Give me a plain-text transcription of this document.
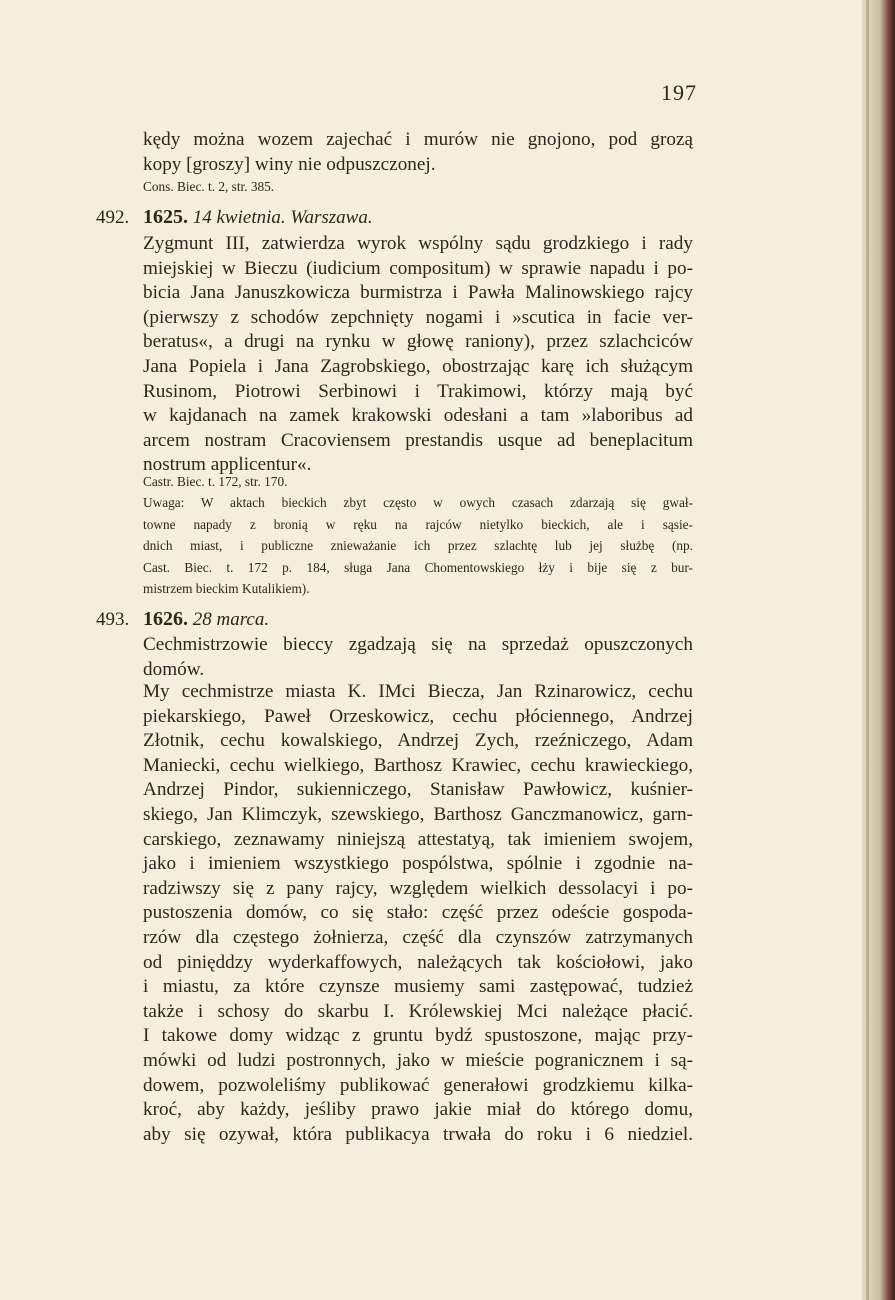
197
kędy można wozem zajechać i murów nie gnojono, pod grozą
kopy [groszy] winy nie odpuszczonej.
Cons. Biec. t. 2, str. 385.
492. 1625. 14 kwietnia. Warszawa.
Zygmunt III, zatwierdza wyrok wspólny sądu grodzkiego i rady
miejskiej w Bieczu (iudicium compositum) w sprawie napadu i po-
bicia Jana Januszkowicza burmistrza i Pawła Malinowskiego rajcy
(pierwszy z schodów zepchnięty nogami i »scutica in facie ver-
beratus«, a drugi na rynku w głowę raniony), przez szlachciców
Jana Popiela i Jana Zagrobskiego, obostrzając karę ich służącym
Rusinom, Piotrowi Serbinowi i Trakimowi, którzy mają być
w kajdanach na zamek krakowski odesłani a tam »laboribus ad
arcem nostram Cracoviensem prestandis usque ad beneplacitum
nostrum applicentur«.
Castr. Biec. t. 172, str. 170.
Uwaga: W aktach bieckich zbyt często w owych czasach zdarzają się gwał-
towne napady z bronią w ręku na rajców nietylko bieckich, ale i sąsie-
dnich miast, i publiczne znieważanie ich przez szlachtę lub jej służbę (np.
Cast. Biec. t. 172 p. 184, sługa Jana Chomentowskiego łży i bije się z bur-
mistrzem bieckim Kutalikiem).
493. 1626. 28 marca.
Cechmistrzowie bieccy zgadzają się na sprzedaż opuszczonych
domów.
My cechmistrze miasta K. IMci Biecza, Jan Rzinarowicz, cechu
piekarskiego, Paweł Orzeskowicz, cechu płóciennego, Andrzej
Złotnik, cechu kowalskiego, Andrzej Zych, rzeźniczego, Adam
Maniecki, cechu wielkiego, Barthosz Krawiec, cechu krawieckiego,
Andrzej Pindor, sukienniczego, Stanisław Pawłowicz, kuśnier-
skiego, Jan Klimczyk, szewskiego, Barthosz Ganczmanowicz, garn-
carskiego, zeznawamy niniejszą attestatyą, tak imieniem swojem,
jako i imieniem wszystkiego pospólstwa, spólnie i zgodnie na-
radziwszy się z pany rajcy, względem wielkich dessolacyi i po-
pustoszenia domów, co się stało: część przez odeście gospoda-
rzów dla częstego żołnierza, część dla czynszów zatrzymanych
od pinięddzy wyderkaffowych, należących tak kościołowi, jako
i miastu, za które czynsze musiemy sami zastępować, tudzież
także i schosy do skarbu I. Królewskiej Mci należące płacić.
I takowe domy widząc z gruntu bydź spustoszone, mając przy-
mówki od ludzi postronnych, jako w mieście pogranicznem i są-
dowem, pozwoleliśmy publikować generałowi grodzkiemu kilka-
kroć, aby każdy, jeśliby prawo jakie miał do którego domu,
aby się ozywał, która publikacya trwała do roku i 6 niedziel.
